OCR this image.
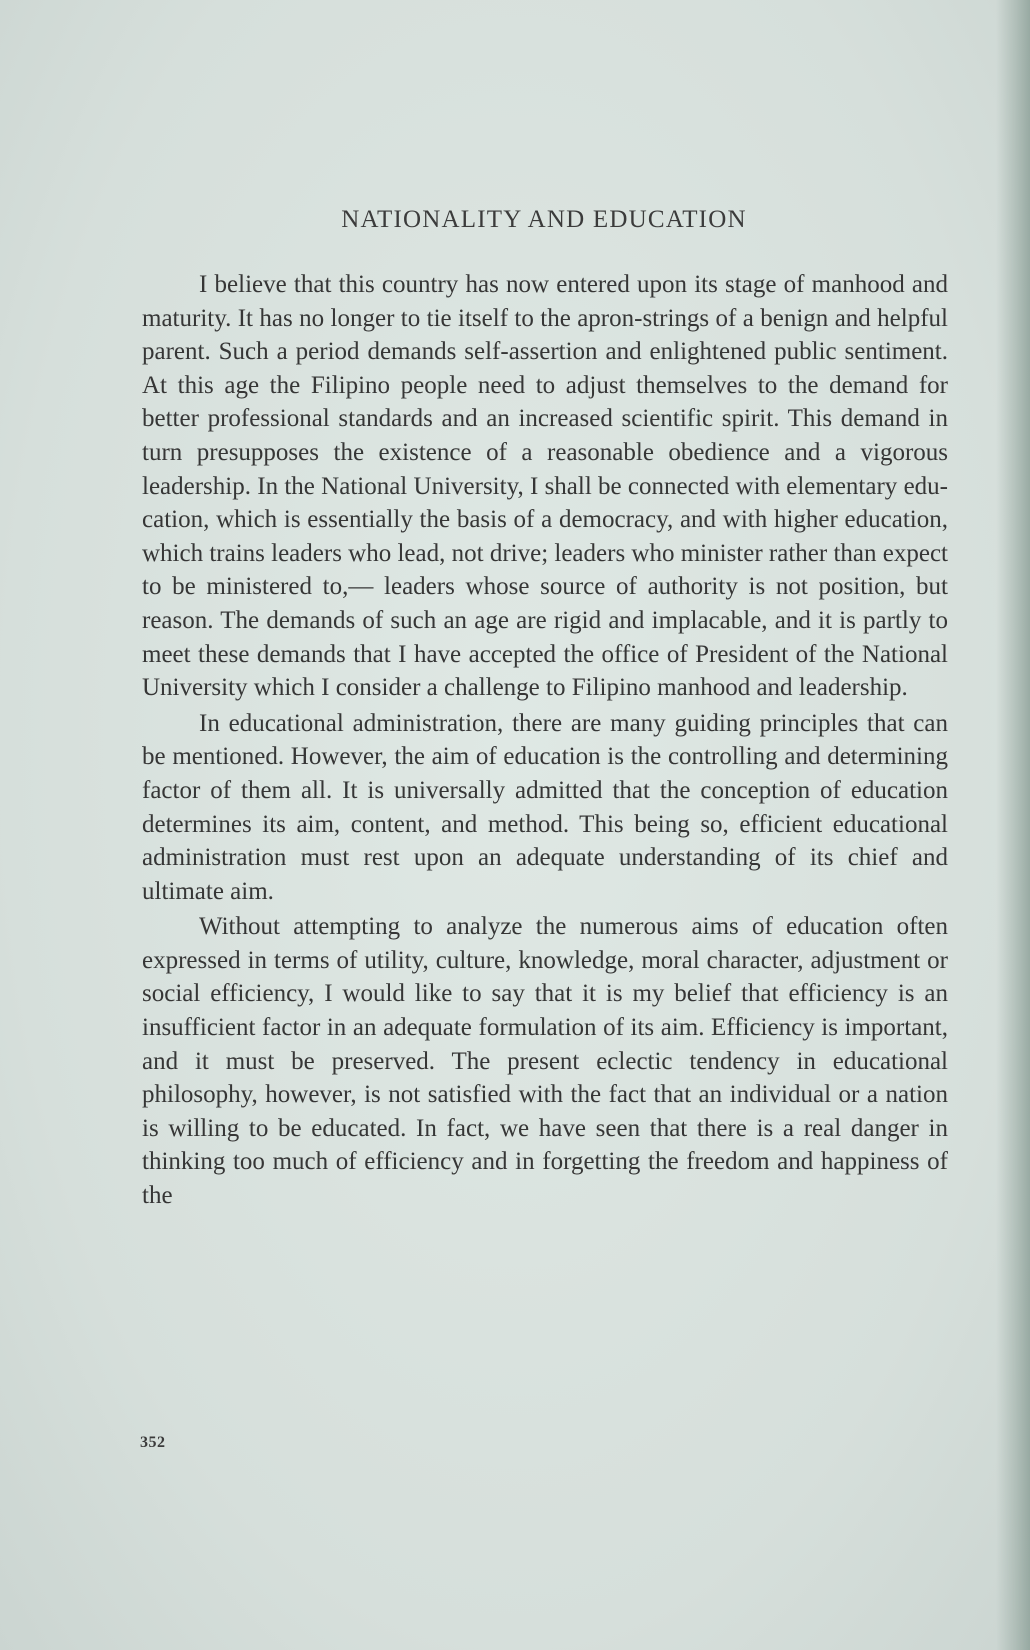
NATIONALITY AND EDUCATION

I believe that this country has now entered upon its stage of manhood and maturity. It has no longer to tie itself to the apron-strings of a benign and helpful parent. Such a period demands self-assertion and enlightened public sentiment. At this age the Filipino people need to adjust themselves to the demand for better professional standards and an increased scientific spirit. This demand in turn presupposes the existence of a reasonable obedience and a vigorous leadership. In the National University, I shall be connected with elementary education, which is essentially the basis of a democracy, and with higher education, which trains leaders who lead, not drive; leaders who minister rather than expect to be ministered to,— leaders whose source of authority is not position, but reason. The demands of such an age are rigid and implacable, and it is partly to meet these demands that I have accepted the office of President of the National University which I consider a challenge to Filipino manhood and leadership.

In educational administration, there are many guiding principles that can be mentioned. However, the aim of education is the controlling and determining factor of them all. It is universally admitted that the conception of education determines its aim, content, and method. This being so, efficient educational administration must rest upon an adequate understanding of its chief and ultimate aim.

Without attempting to analyze the numerous aims of education often expressed in terms of utility, culture, knowledge, moral character, adjustment or social efficiency, I would like to say that it is my belief that efficiency is an insufficient factor in an adequate formulation of its aim. Efficiency is important, and it must be preserved. The present eclectic tendency in educational philosophy, however, is not satisfied with the fact that an individual or a nation is willing to be educated. In fact, we have seen that there is a real danger in thinking too much of efficiency and in forgetting the freedom and happiness of the

352
